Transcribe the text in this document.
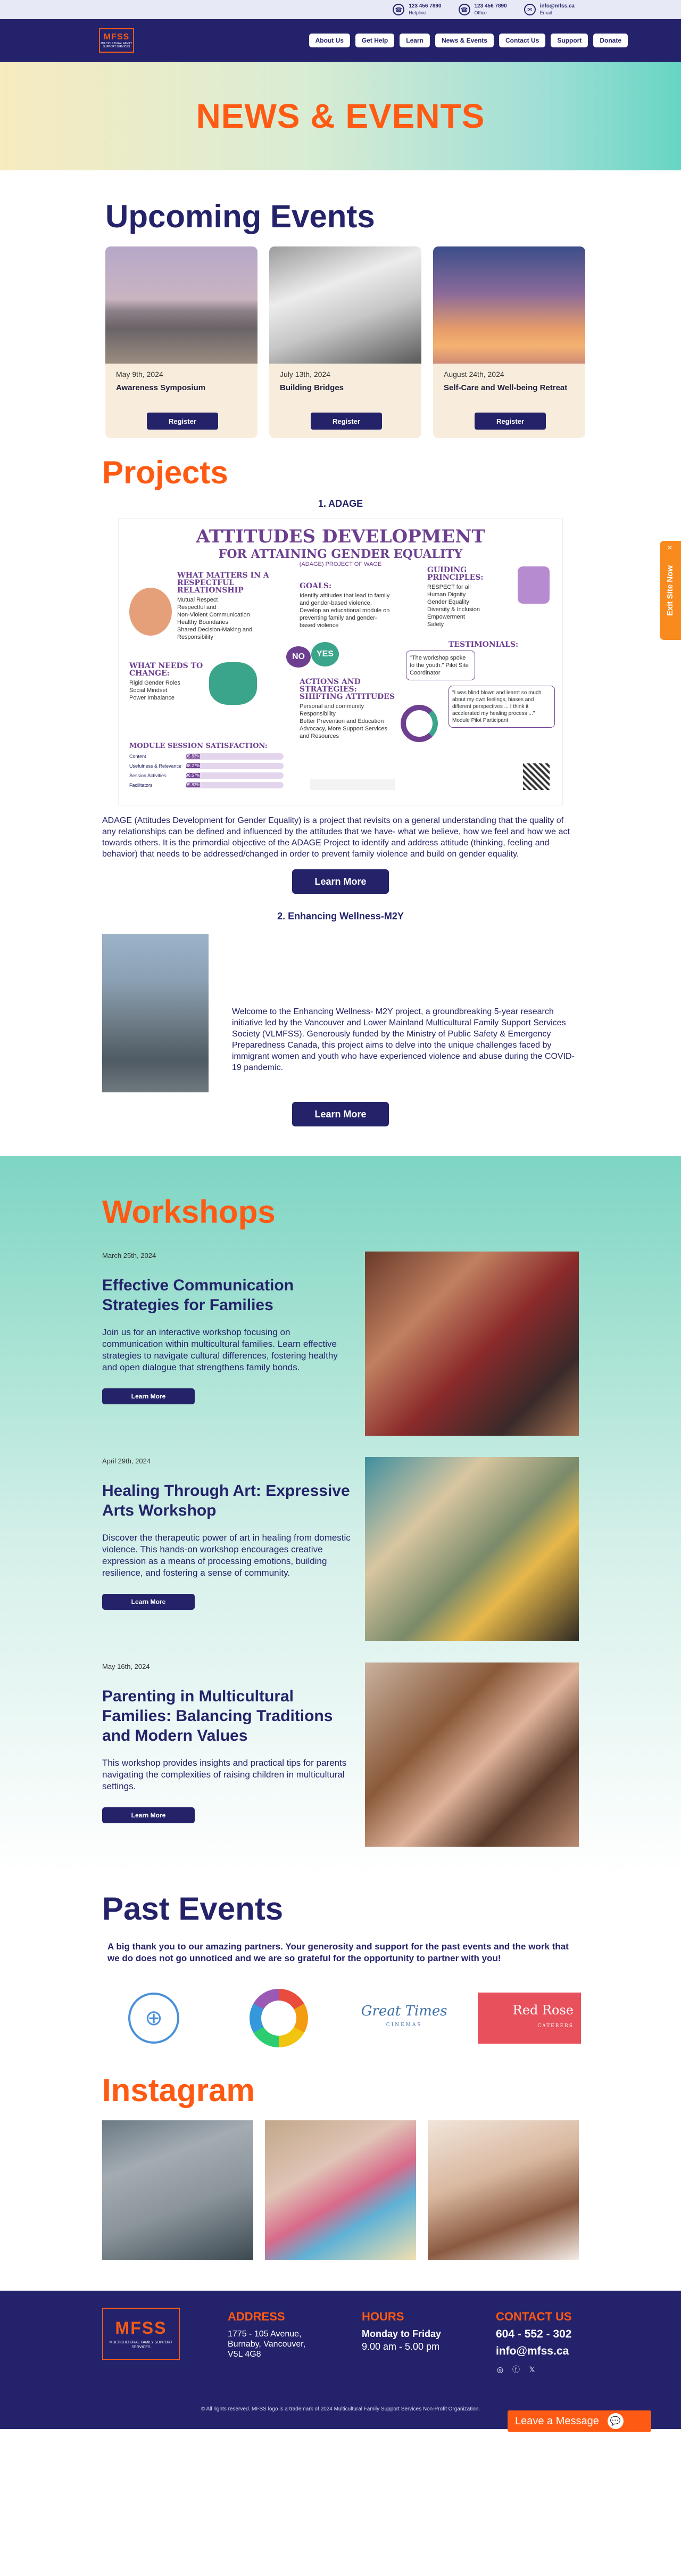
☎
123 456 7890
Helpline	☎
123 456 7890
Office	✉
info@mfss.ca
Email
MFSS
MULTICULTURAL FAMILY SUPPORT SERVICES
About Us	Get Help	Learn	News & Events	Contact Us	Support	Donate
NEWS & EVENTS
Upcoming Events
May 9th, 2024
Awareness Symposium
Register
July 13th, 2024
Building Bridges
Register
August 24th, 2024
Self-Care and Well-being Retreat
Register
Projects
1. ADAGE
ATTITUDES DEVELOPMENT
FOR ATTAINING GENDER EQUALITY
(ADAGE) PROJECT OF WAGE
WHAT MATTERS IN A RESPECTFUL RELATIONSHIP
Mutual Respect
Respectful and
Non-Violent Communication
Healthy Boundaries
Shared Decision-Making and Responsibility
GOALS:
Identify attitudes that lead to family and gender-based violence. Develop an educational module on preventing family and gender-based violence
GUIDING PRINCIPLES:
RESPECT for all
Human Dignity
Gender Equality
Diversity & Inclusion
Empowerment
Safety
TESTIMONIALS:
"The workshop spoke to the youth." Pilot Site Coordinator
"I was blind blown and learnt so much about my own feelings, biases and different perspectives ... I think it accelerated my healing process ..." Module Pilot Participant
WHAT NEEDS TO CHANGE:
Rigid Gender Roles
Social Mindset
Power Imbalance
NO	YES
ACTIONS AND STRATEGIES: SHIFTING ATTITUDES
Personal and community Responsibility
Better Prevention and Education
Advocacy, More Support Services and Resources
MODULE SESSION SATISFACTION:
Content	95.83%
Usefulness & Relevance 98.27%
Session Activities	96.57%
Facilitators	95.83%

ADAGE (Attitudes Development for Gender Equality) is a project that revisits on a general understanding that the quality of any relationships can be defined and influenced by the attitudes that we have- what we believe, how we feel and how we act towards others. It is the primordial objective of the ADAGE Project to identify and address attitude (thinking, feeling and behavior) that needs to be addressed/changed in order to prevent family violence and build on gender equality.

Learn More
2. Enhancing Wellness-M2Y

Welcome to the Enhancing Wellness- M2Y project, a groundbreaking 5-year research initiative led by the Vancouver and Lower Mainland Multicultural Family Support Services Society (VLMFSS). Generously funded by the Ministry of Public Safety & Emergency Preparedness Canada, this project aims to delve into the unique challenges faced by immigrant women and youth who have experienced violence and abuse during the COVID-19 pandemic.

Learn More
Workshops
March 25th, 2024
Effective Communication Strategies for Families

Join us for an interactive workshop focusing on communication within multicultural families. Learn effective strategies to navigate cultural differences, fostering healthy and open dialogue that strengthens family bonds.

Learn More
April 29th, 2024
Healing Through Art: Expressive Arts Workshop

Discover the therapeutic power of art in healing from domestic violence. This hands-on workshop encourages creative expression as a means of processing emotions, building resilience, and fostering a sense of community.

Learn More
May 16th, 2024
Parenting in Multicultural Families: Balancing Traditions and Modern Values

This workshop provides insights and practical tips for parents navigating the complexities of raising children in multicultural settings.

Learn More
Past Events

A big thank you to our amazing partners. Your generosity and support for the past events and the work that we do does not go unnoticed and we are so grateful for the opportunity to partner with you!

⊕	Great Times
CINEMAS
Red Rose
CATERERS
Instagram
MFSS
MULTICULTURAL FAMILY SUPPORT SERVICES
ADDRESS
1775 - 105 Avenue,
Burnaby, Vancouver,
V5L 4G8
HOURS
Monday to Friday
9.00 am - 5.00 pm
CONTACT US
604 - 552 - 302
info@mfss.ca
◎ ⓕ 𝕏
© All rights reserved. MFSS logo is a trademark of 2024 Multicultural Family Support Services Non-Profit Organization.
Leave a Message	💬
✕
Exit Site Now
